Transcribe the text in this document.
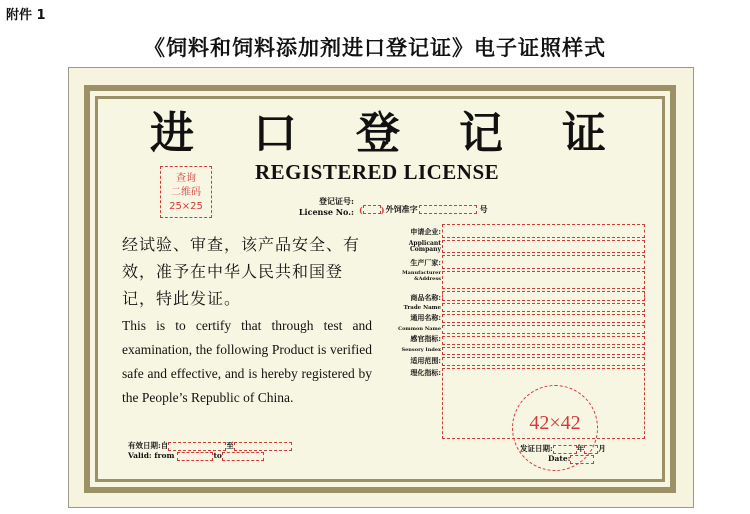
附件 1
《饲料和饲料添加剂进口登记证》电子证照样式
进 口 登 记 证
REGISTERED LICENSE
查询
二维码
25×25	登记证号:
License No.: ( ) 外饲准字	号
经试验、审查，该产品安全、有效，准予在中华人民共和国登记，特此发证。
This is to certify that through test and examination, the following Product is verified safe and effective, and is hereby registered by the People’s Republic of China.
有效日期:自	至
Valid: from	to
申请企业:
Applicant Company
生产厂家:
Manufacturer &Address
商品名称:
Trade Name
通用名称:
Common Name
感官指标:
Sensory Index
适用范围:
理化指标:
42×42
发证日期:	年 月
Date:
